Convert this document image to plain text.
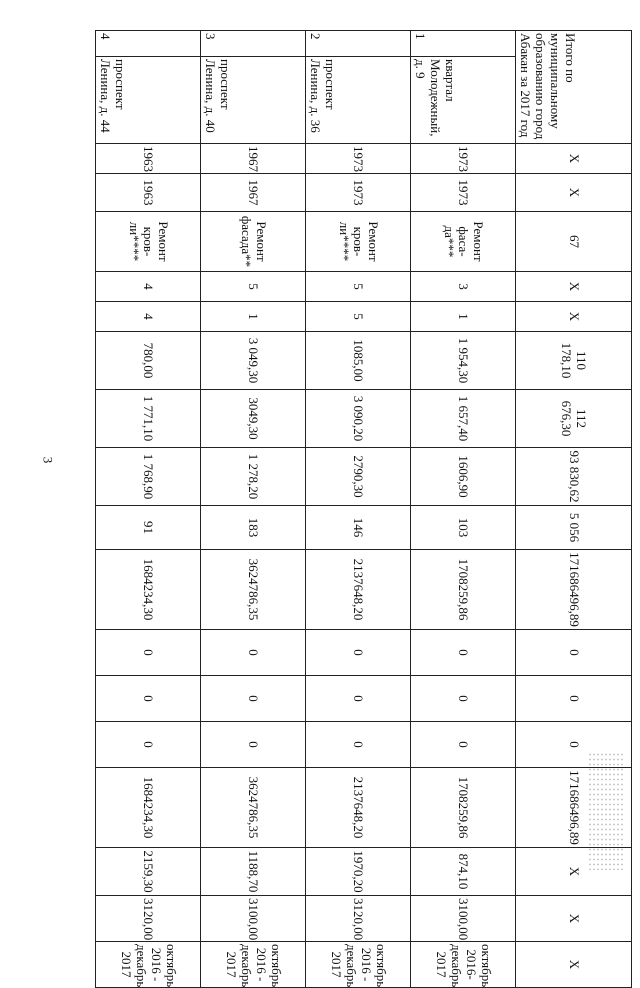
3
Итого по муниципальному образованию город Абакан за 2017 год		Х	Х	67	Х	Х	110 178,10	112 676,30	93 830,62	5 056	171686496,89	0	0	0	171686496,89	Х	Х	Х
1	квартал Молодежный, д. 9	1973	1973	Ремонт фаса-да***	3	1	1 954,30	1 657,40	1606,90	103	1708259,86	0	0	0	1708259,86	874,10	3100,00	октябрь 2016- декабрь 2017
2	проспект Ленина, д. 36	1973	1973	Ремонт кров-ли****	5	5	1085,00	3 090,20	2790,30	146	2137648,20	0	0	0	2137648,20	1970,20	3120,00	октябрь 2016 - декабрь 2017
3	проспект Ленина, д. 40	1967	1967	Ремонт фасада**	5	1	3 049,30	3049,30	1 278,20	183	3624786,35	0	0	0	3624786,35	1188,70	3100,00	октябрь 2016 - декабрь 2017
4	проспект Ленина, д. 44	1963	1963	Ремонт кров-ли****	4	4	780,00	1 771,10	1 768,90	91	1684234,30	0	0	0	1684234,30	2159,30	3120,00	октябрь 2016 - декабрь 2017
